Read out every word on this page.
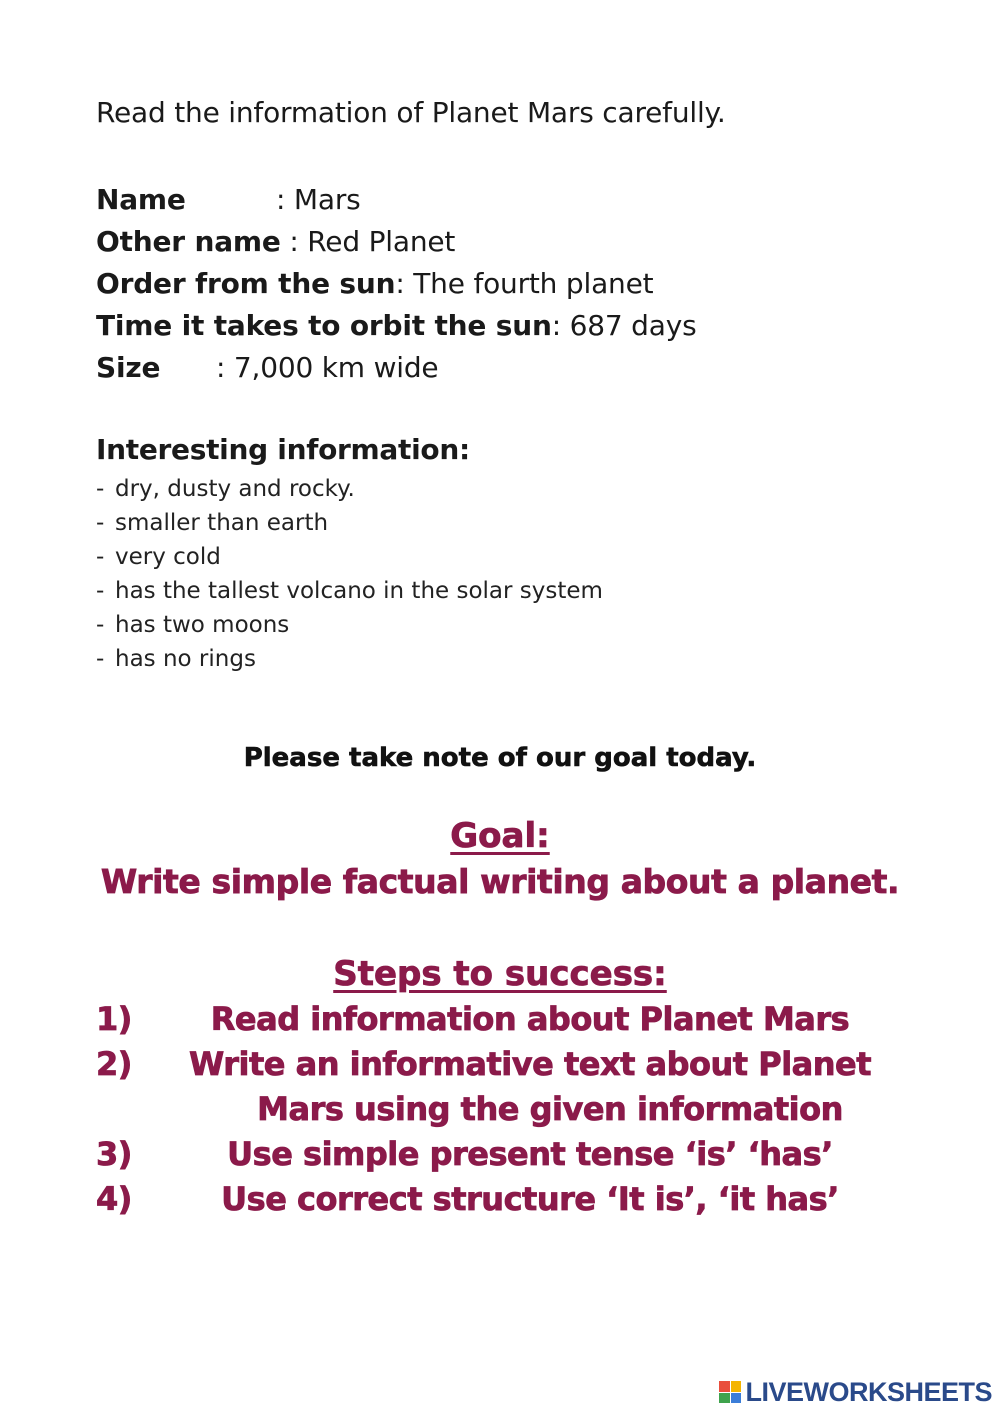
Read the information of Planet Mars carefully.
Name	: Mars
Other name : Red Planet
Order from the sun: The fourth planet
Time it takes to orbit the sun: 687 days
Size : 7,000 km wide
Interesting information:
- dry, dusty and rocky.
- smaller than earth
- very cold
- has the tallest volcano in the solar system
- has two moons
- has no rings
Please take note of our goal today.
Goal:
Write simple factual writing about a planet.
Steps to success:
1)	Read information about Planet Mars
2)	Write an informative text about Planet
Mars using the given information
3)	Use simple present tense ‘is’ ‘has’
4)	Use correct structure ‘It is’, ‘it has’
LIVEWORKSHEETS
